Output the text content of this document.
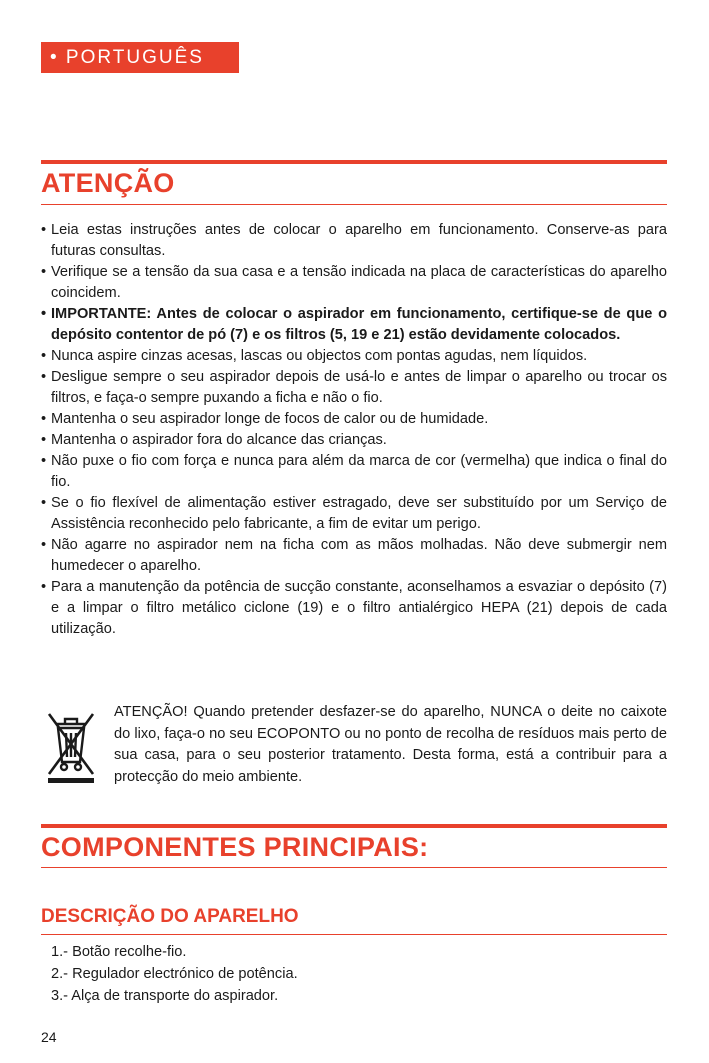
• PORTUGUÊS
ATENÇÃO
• Leia estas instruções antes de colocar o aparelho em funcionamento. Conserve-as para futuras consultas.
• Verifique se a tensão da sua casa e a tensão indicada na placa de características do aparelho coincidem.
• IMPORTANTE: Antes de colocar o aspirador em funcionamento, certifique-se de que o depósito contentor de pó (7) e os filtros (5, 19 e 21) estão devidamente colocados.
• Nunca aspire cinzas acesas, lascas ou objectos com pontas agudas, nem líquidos.
• Desligue sempre o seu aspirador depois de usá-lo e antes de limpar o aparelho ou trocar os filtros, e faça-o sempre puxando a ficha e não o fio.
• Mantenha o seu aspirador longe de focos de calor ou de humidade.
• Mantenha o aspirador fora do alcance das crianças.
• Não puxe o fio com força e nunca para além da marca de cor (vermelha) que indica o final do fio.
• Se o fio flexível de alimentação estiver estragado, deve ser substituído por um Serviço de Assistência reconhecido pelo fabricante, a fim de evitar um perigo.
• Não agarre no aspirador nem na ficha com as mãos molhadas. Não deve submergir nem humedecer o aparelho.
• Para a manutenção da potência de sucção constante, aconselhamos a esvaziar o depósito (7) e a limpar o filtro metálico ciclone (19) e o filtro antialérgico HEPA (21) depois de cada utilização.
ATENÇÃO! Quando pretender desfazer-se do aparelho, NUNCA o deite no caixote do lixo, faça-o no seu ECOPONTO ou no ponto de recolha de resíduos mais perto de sua casa, para o seu posterior tratamento. Desta forma, está a contribuir para a protecção do meio ambiente.
COMPONENTES PRINCIPAIS:
DESCRIÇÃO DO APARELHO
1.- Botão recolhe-fio.
2.- Regulador electrónico de potência.
3.- Alça de transporte do aspirador.
24
